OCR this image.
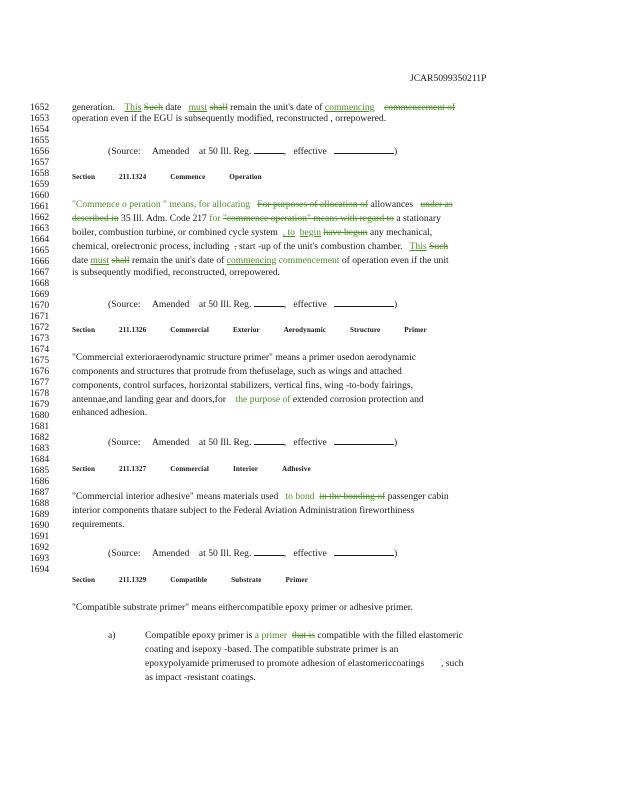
JCAR5099350211P
1652
1653
1654
1655
1656
1657
1658
1659
1660
1661
1662
1663
1664
1665
1666
1667
1668
1669
1670
1671
1672
1673
1674
1675
1676
1677
1678
1679
1680
1681
1682
1683
1684
1685
1686
1687
1688
1689
1690
1691
1692
1693
1694
generation. This Such date must shall remain the unit's date of commencing commencement of
operation even if the EGU is subsequently modified, reconstructed , orrepowered.
(Source: Amended at 50 Ill. Reg.	, effective	)
Section	211.1324	Commence	Operation
"Commence o peration " means, for allocating For purposes of allocation of allowances under as
described in 35 Ill. Adm. Code 217 for "commence operation" means with regard to a stationary
boiler, combustion turbine, or combined cycle system , to begin have begun any mechanical,
chemical, orelectronic process, including , start -up of the unit's combustion chamber. This Such
date must shall remain the unit's date of commencing commencement of operation even if the unit
is subsequently modified, reconstructed, orrepowered.
(Source: Amended at 50 Ill. Reg.	, effective	)
Section	211.1326	Commercial	Exterior	Aerodynamic	Structure	Primer
"Commercial exterioraerodynamic structure primer" means a primer usedon aerodynamic
components and structures that protrude from thefuselage, such as wings and attached
components, control surfaces, horizontal stabilizers, vertical fins, wing -to-body fairings,
antennae,and landing gear and doors,for the purpose of extended corrosion protection and
enhanced adhesion.
(Source: Amended at 50 Ill. Reg.	, effective	)
Section	211.1327	Commercial	Interior	Adhesive
"Commercial interior adhesive" means materials used to bond in the bonding of passenger cabin
interior components thatare subject to the Federal Aviation Administration fireworthiness
requirements.
(Source: Amended at 50 Ill. Reg.	, effective	)
Section	211.1329	Compatible	Substrate	Primer
"Compatible substrate primer" means eithercompatible epoxy primer or adhesive primer.
a)	Compatible epoxy primer is a primer that is compatible with the filled elastomeric
coating and isepoxy -based. The compatible substrate primer is an
epoxypolyamide primerused to promote adhesion of elastomericcoatings , such
as impact -resistant coatings.
